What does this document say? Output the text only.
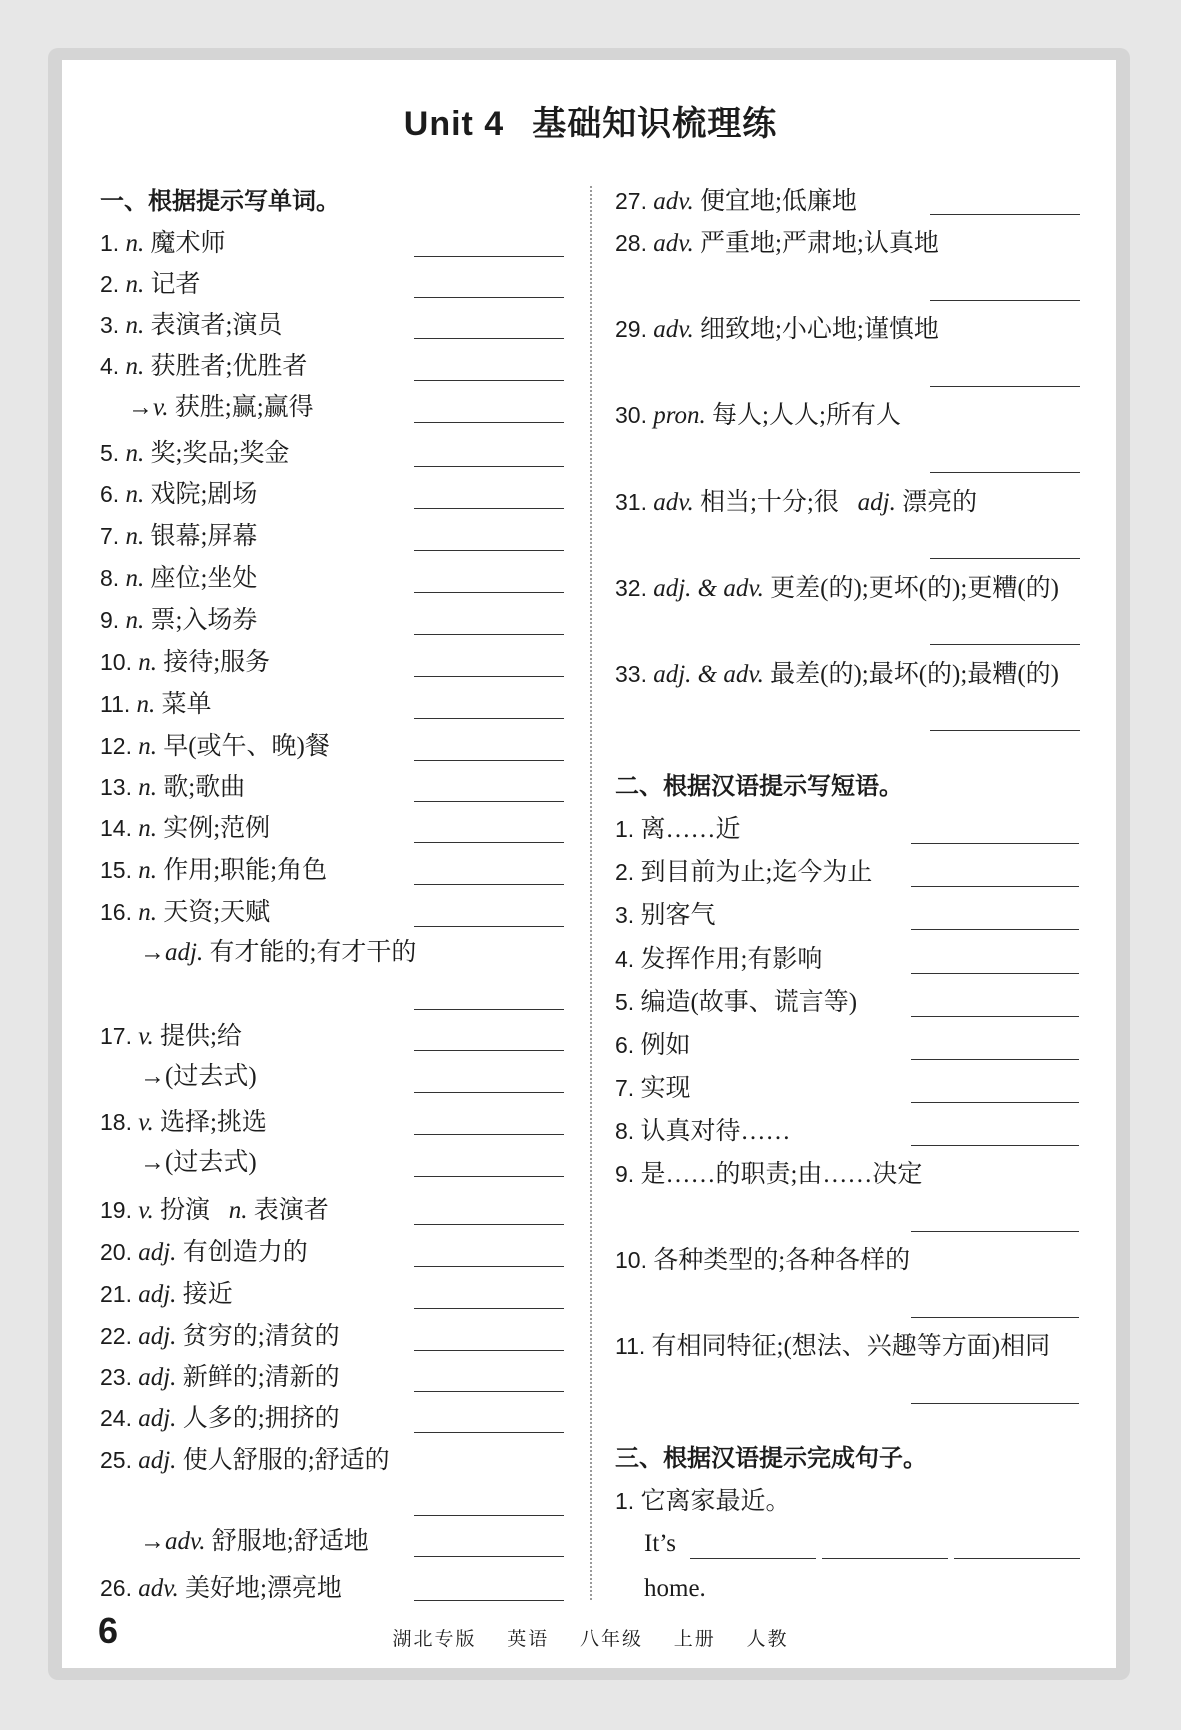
Unit 4 基础知识梳理练
一、根据提示写单词。
1. n. 魔术师
2. n. 记者
3. n. 表演者;演员
4. n. 获胜者;优胜者
→v. 获胜;赢;赢得
5. n. 奖;奖品;奖金
6. n. 戏院;剧场
7. n. 银幕;屏幕
8. n. 座位;坐处
9. n. 票;入场券
10. n. 接待;服务
11. n. 菜单
12. n. 早(或午、晚)餐
13. n. 歌;歌曲
14. n. 实例;范例
15. n. 作用;职能;角色
16. n. 天资;天赋
→adj. 有才能的;有才干的
17. v. 提供;给
→(过去式)
18. v. 选择;挑选
→(过去式)
19. v. 扮演 n. 表演者
20. adj. 有创造力的
21. adj. 接近
22. adj. 贫穷的;清贫的
23. adj. 新鲜的;清新的
24. adj. 人多的;拥挤的
25. adj. 使人舒服的;舒适的
→adv. 舒服地;舒适地
26. adv. 美好地;漂亮地
27. adv. 便宜地;低廉地
28. adv. 严重地;严肃地;认真地
29. adv. 细致地;小心地;谨慎地
30. pron. 每人;人人;所有人
31. adv. 相当;十分;很 adj. 漂亮的
32. adj. & adv. 更差(的);更坏(的);更糟(的)
33. adj. & adv. 最差(的);最坏(的);最糟(的)
二、根据汉语提示写短语。
1. 离……近
2. 到目前为止;迄今为止
3. 别客气
4. 发挥作用;有影响
5. 编造(故事、谎言等)
6. 例如
7. 实现
8. 认真对待……
9. 是……的职责;由……决定
10. 各种类型的;各种各样的
11. 有相同特征;(想法、兴趣等方面)相同
三、根据汉语提示完成句子。
1. 它离家最近。
It’s
home.
6	湖北专版 英语 八年级 上册 人教
